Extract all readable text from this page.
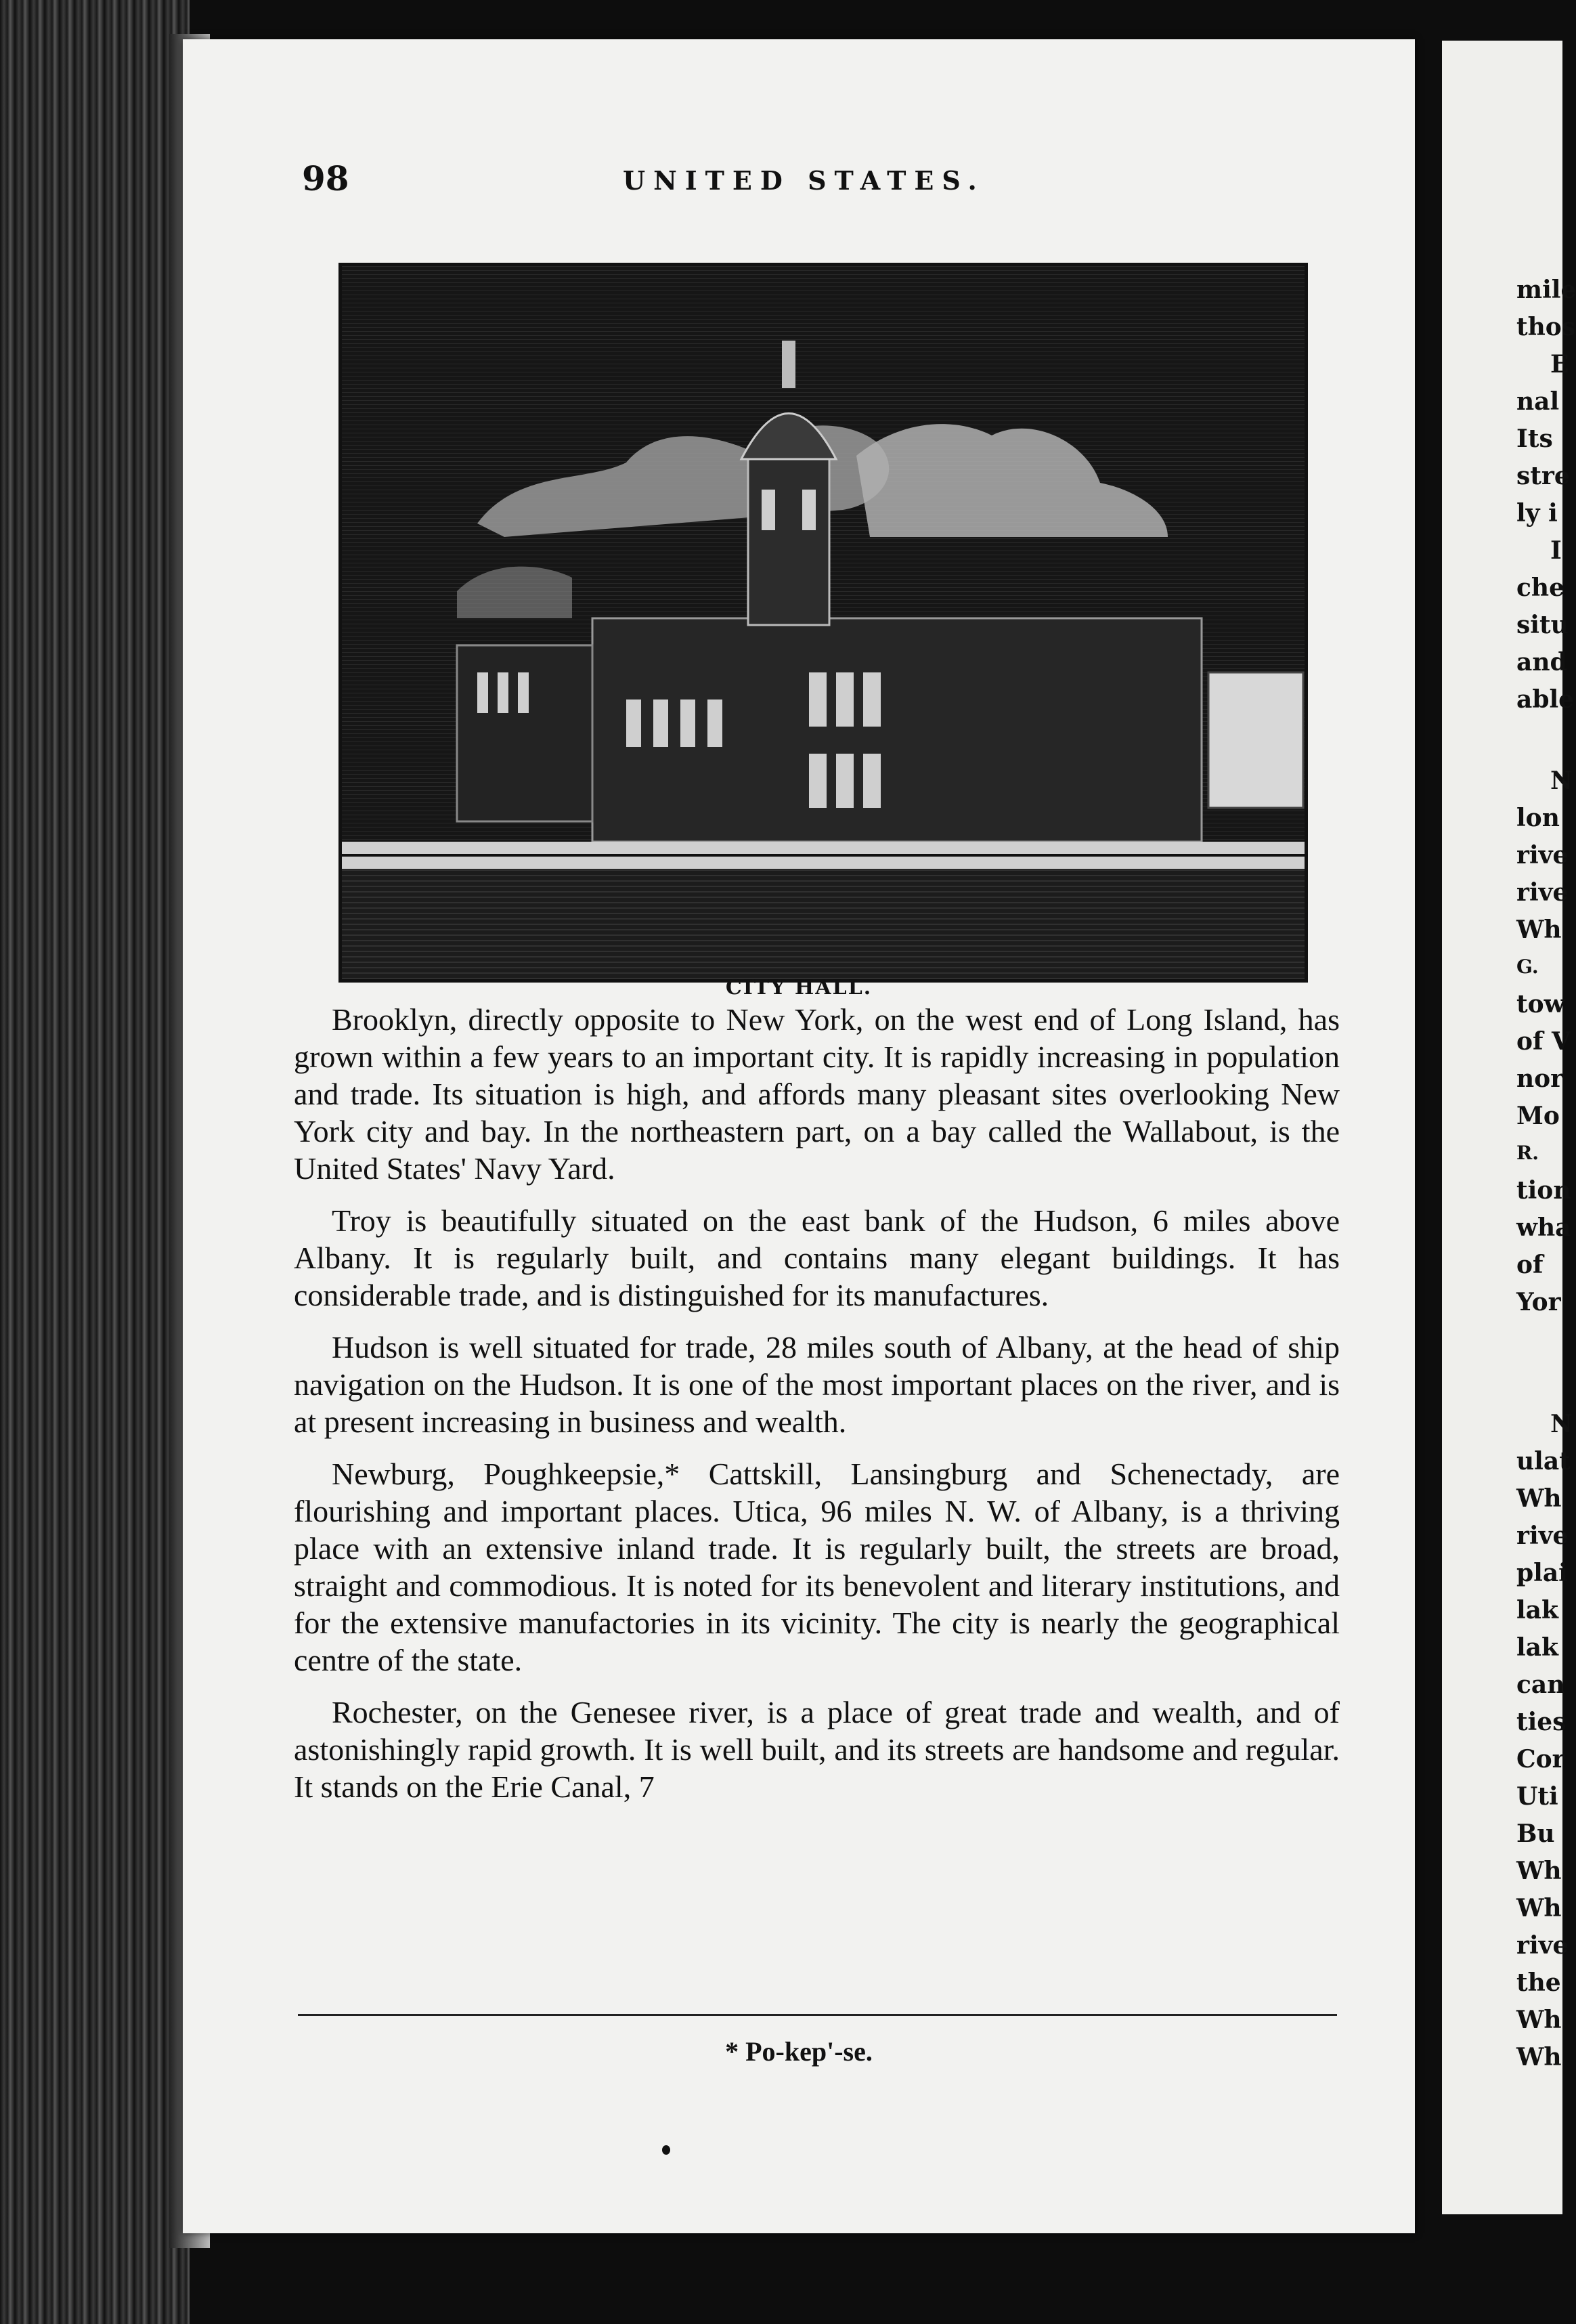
98	UNITED STATES.
CITY HALL.

Brooklyn, directly opposite to New York, on the west end of Long Island, has grown within a few years to an important city. It is rapidly increasing in population and trade. Its situation is high, and affords many pleasant sites overlooking New York city and bay. In the northeastern part, on a bay called the Wallabout, is the United States' Navy Yard.

Troy is beautifully situated on the east bank of the Hudson, 6 miles above Albany. It is regularly built, and contains many elegant buildings. It has considerable trade, and is distinguished for its manufactures.

Hudson is well situated for trade, 28 miles south of Albany, at the head of ship navigation on the Hudson. It is one of the most important places on the river, and is at present increasing in business and wealth.

Newburg, Poughkeepsie,* Cattskill, Lansingburg and Schenectady, are flourishing and important places. Utica, 96 miles N. W. of Albany, is a thriving place with an extensive inland trade. It is regularly built, the streets are broad, straight and commodious. It is noted for its benevolent and literary institutions, and for the extensive manufactories in its vicinity. The city is nearly the geographical centre of the state.

Rochester, on the Genesee river, is a place of great trade and wealth, and of astonishingly rapid growth. It is well built, and its streets are handsome and regular. It stands on the Erie Canal, 7

* Po-kep'-se.
mile
thos
E
nal
Its
stre
ly i
I
che
situ
and
able
N
lon
rive
rive
Wh
G.
tow
of V
nor
Mo
R.
tion
wha
of
Yor
N
ulat
Wh
rive
plai
lak
lak
can
ties
Cor
Uti
Bu
Wh
Wh
rive
the
Wh
Wh
